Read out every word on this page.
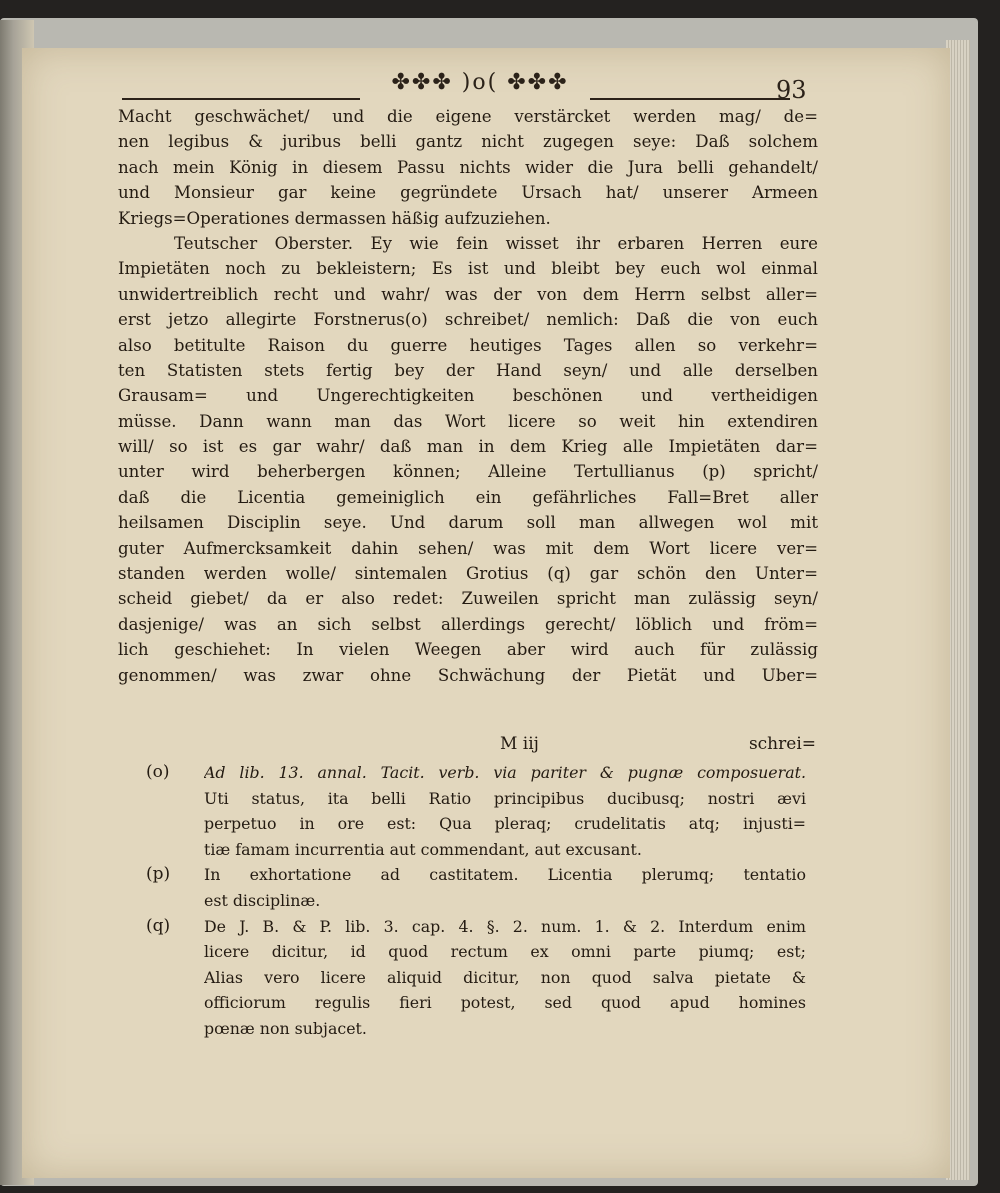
✤✤✤ )o( ✤✤✤	93
Macht geschwächet/ und die eigene verstärcket werden mag/ de=
nen legibus & juribus belli gantz nicht zugegen seye: Daß solchem
nach mein König in diesem Passu nichts wider die Jura belli gehandelt/
und Monsieur gar keine gegründete Ursach hat/ unserer Armeen
Kriegs=Operationes dermassen häßig aufzuziehen.
Teutscher Oberster. Ey wie fein wisset ihr erbaren Herren eure
Impietäten noch zu bekleistern; Es ist und bleibt bey euch wol einmal
unwidertreiblich recht und wahr/ was der von dem Herrn selbst aller=
erst jetzo allegirte Forstnerus(o) schreibet/ nemlich: Daß die von euch
also betitulte Raison du guerre heutiges Tages allen so verkehr=
ten Statisten stets fertig bey der Hand seyn/ und alle derselben
Grausam= und Ungerechtigkeiten beschönen und vertheidigen
müsse. Dann wann man das Wort licere so weit hin extendiren
will/ so ist es gar wahr/ daß man in dem Krieg alle Impietäten dar=
unter wird beherbergen können; Alleine Tertullianus (p) spricht/
daß die Licentia gemeiniglich ein gefährliches Fall=Bret aller
heilsamen Disciplin seye. Und darum soll man allwegen wol mit
guter Aufmercksamkeit dahin sehen/ was mit dem Wort licere ver=
standen werden wolle/ sintemalen Grotius (q) gar schön den Unter=
scheid giebet/ da er also redet: Zuweilen spricht man zulässig seyn/
dasjenige/ was an sich selbst allerdings gerecht/ löblich und fröm=
lich geschiehet: In vielen Weegen aber wird auch für zulässig
genommen/ was zwar ohne Schwächung der Pietät und Uber=
M iij	schrei=
(o) Ad lib. 13. annal. Tacit. verb. via pariter & pugnæ composuerat.
Uti status, ita belli Ratio principibus ducibusq; nostri ævi
perpetuo in ore est: Qua pleraq; crudelitatis atq; injusti=
tiæ famam incurrentia aut commendant, aut excusant.
(p) In exhortatione ad castitatem. Licentia plerumq; tentatio
est disciplinæ.
(q) De J. B. & P. lib. 3. cap. 4. §. 2. num. 1. & 2. Interdum enim
licere dicitur, id quod rectum ex omni parte piumq; est;
Alias vero licere aliquid dicitur, non quod salva pietate &
officiorum regulis fieri potest, sed quod apud homines
pœnæ non subjacet.
